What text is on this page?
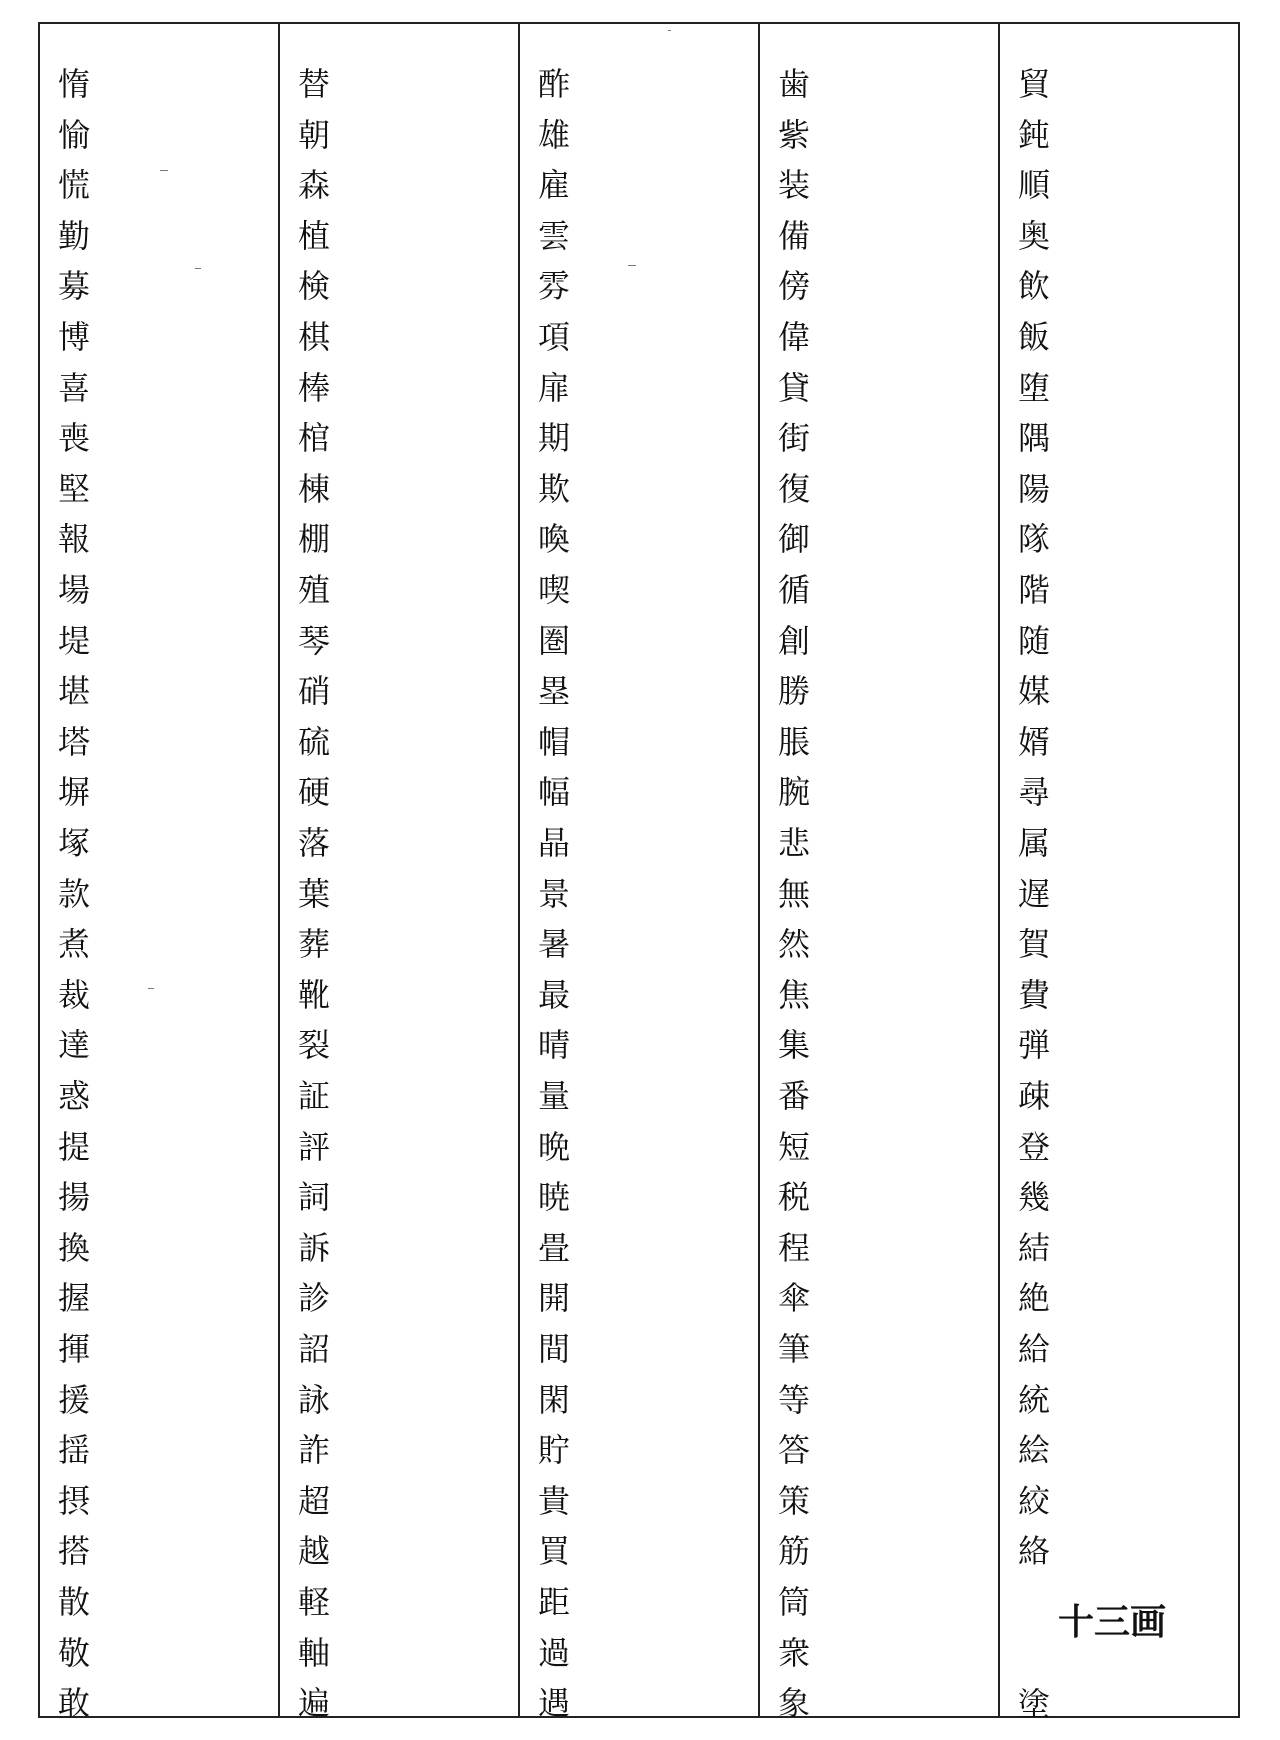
惰
愉
慌
勤
募
博
喜
喪
堅
報
場
堤
堪
塔
塀
塚
款
煮
裁
達
惑
提
揚
換
握
揮
援
揺
摂
搭
散
敬
敢
替
朝
森
植
検
棋
棒
棺
棟
棚
殖
琴
硝
硫
硬
落
葉
葬
靴
裂
証
評
詞
訴
診
詔
詠
詐
超
越
軽
軸
遍
酢
雄
雇
雲
雰
項
扉
期
欺
喚
喫
圏
塁
帽
幅
晶
景
暑
最
晴
量
晩
暁
畳
開
間
閑
貯
貴
買
距
過
遇
歯
紫
装
備
傍
偉
貸
街
復
御
循
創
勝
脹
腕
悲
無
然
焦
集
番
短
税
程
傘
筆
等
答
策
筋
筒
衆
象
貿
鈍
順
奥
飲
飯
堕
隅
陽
隊
階
随
媒
婿
尋
属
遅
賀
費
弾
疎
登
幾
結
絶
給
統
絵
絞
絡
十三画
塗
